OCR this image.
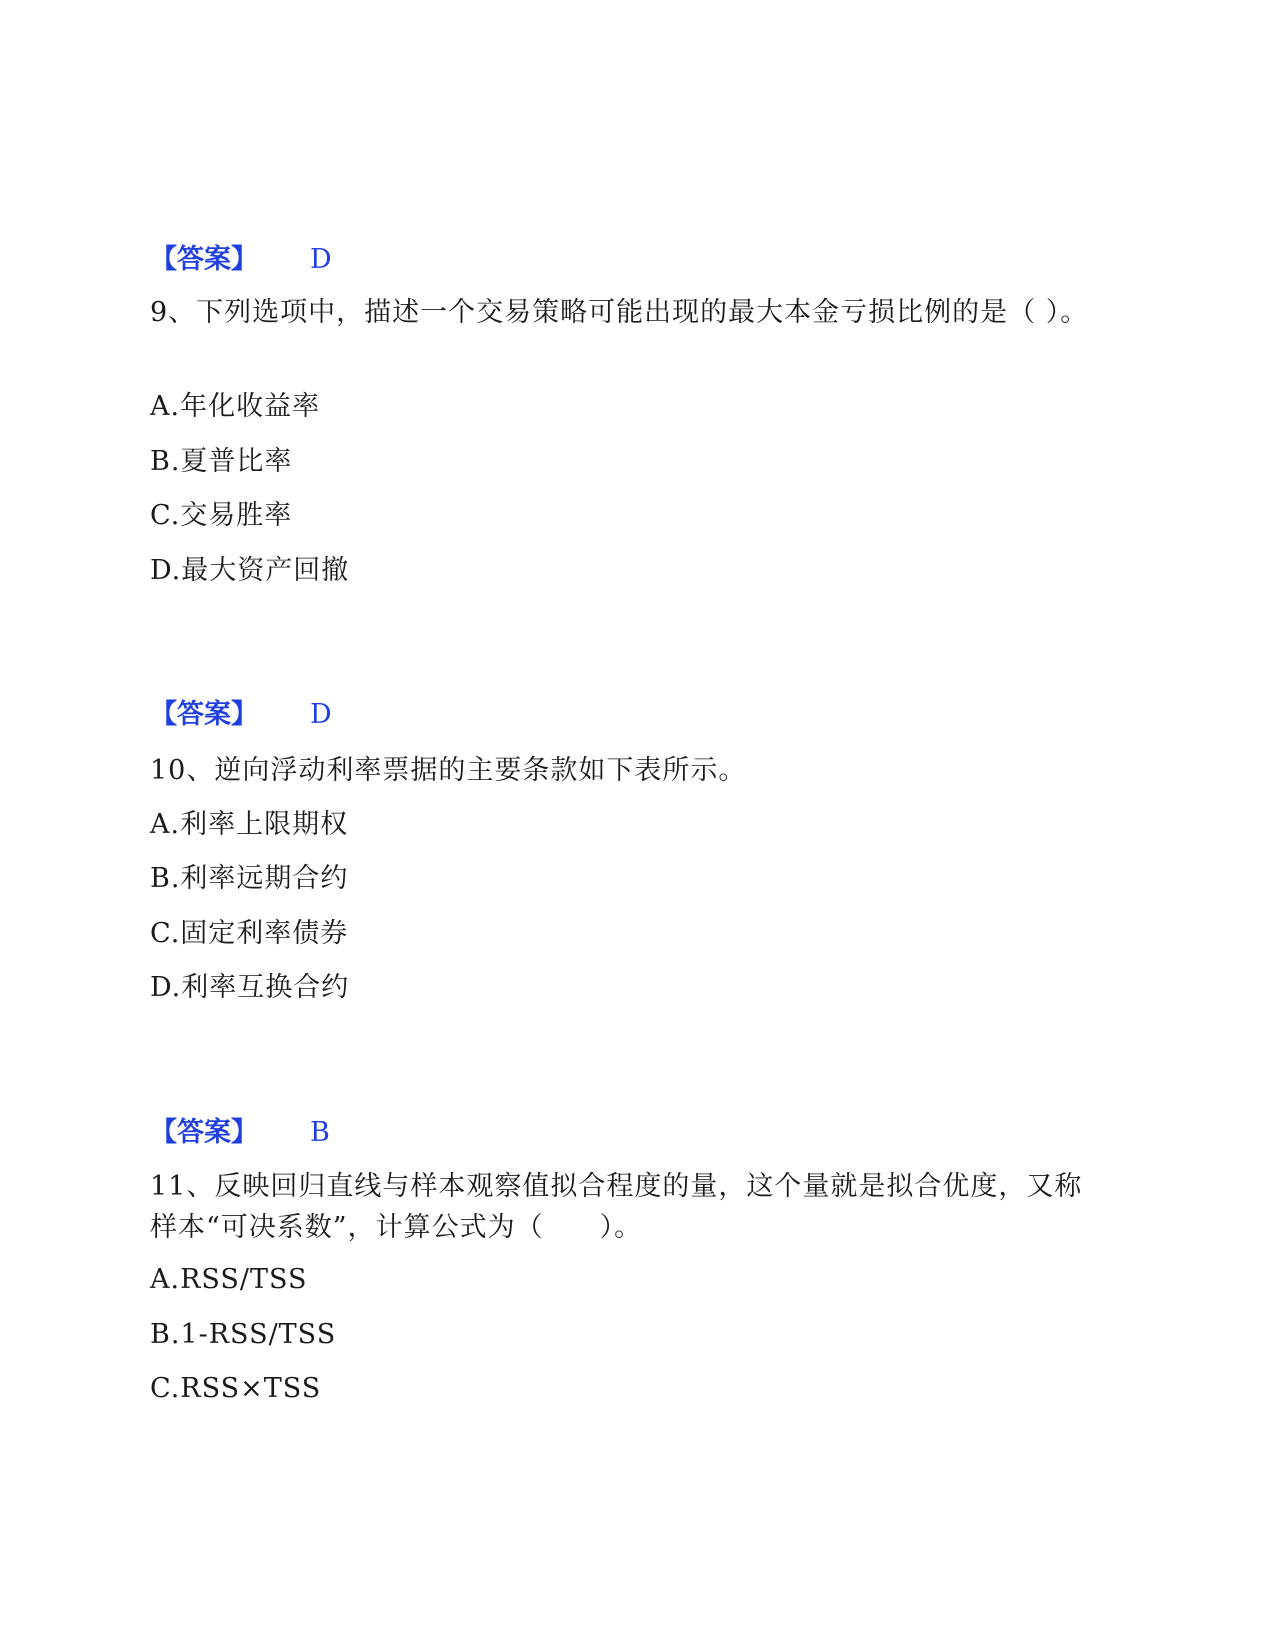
【答案】 D
9、下列选项中，描述一个交易策略可能出现的最大本金亏损比例的是（ ）。
A.年化收益率
B.夏普比率
C.交易胜率
D.最大资产回撤
【答案】 D
10、逆向浮动利率票据的主要条款如下表所示。
A.利率上限期权
B.利率远期合约
C.固定利率债券
D.利率互换合约
【答案】 B
11、反映回归直线与样本观察值拟合程度的量，这个量就是拟合优度，又称样本“可决系数”，计算公式为（　　）。
A.RSS/TSS
B.1-RSS/TSS
C.RSS×TSS
